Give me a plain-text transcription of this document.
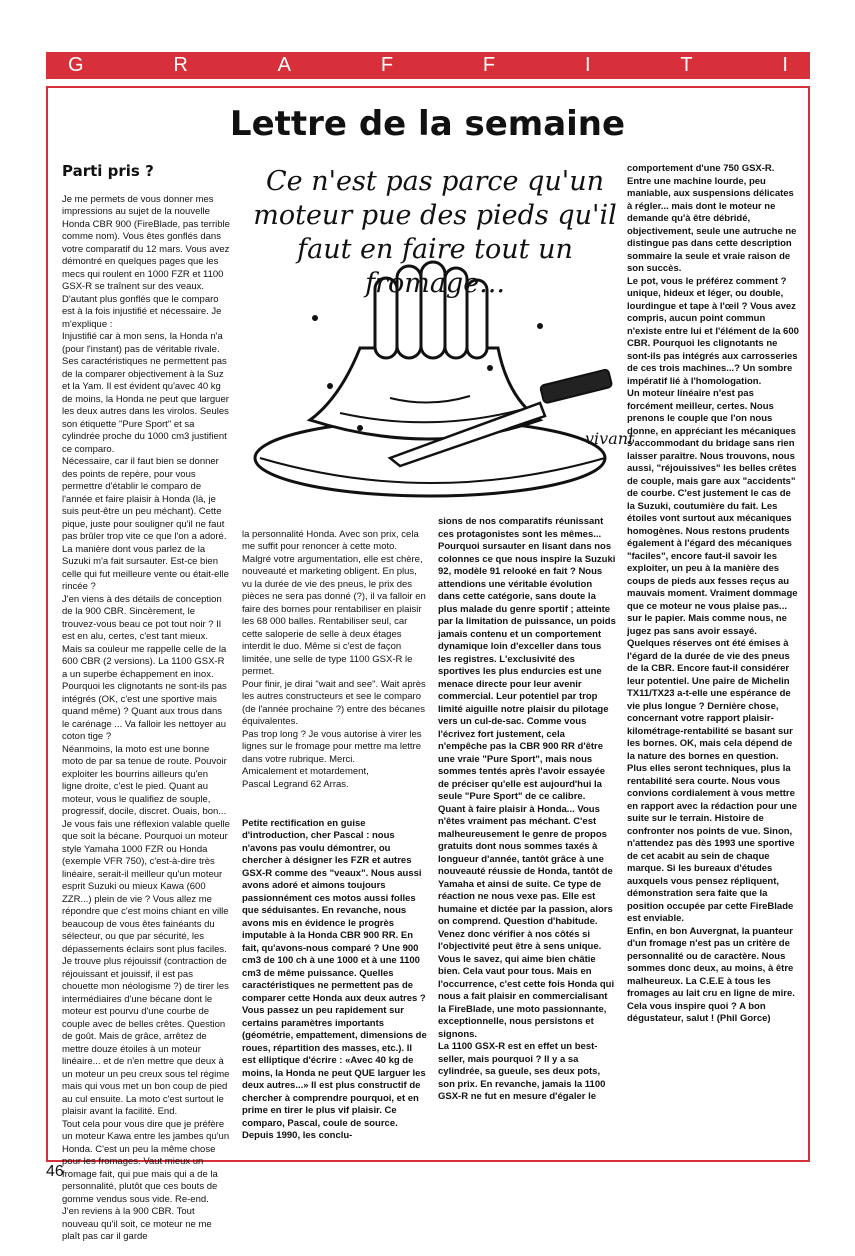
G	R	A	F	F	I	T	I
Lettre de la semaine

Parti pris ?

Je me permets de vous donner mes impressions au sujet de la nouvelle Honda CBR 900 (FireBlade, pas terrible comme nom). Vous êtes gonflés dans votre comparatif du 12 mars. Vous avez démontré en quelques pages que les mecs qui roulent en 1000 FZR et 1100 GSX-R se traînent sur des veaux. D'autant plus gonflés que le comparo est à la fois injustifié et nécessaire. Je m'explique :
Injustifié car à mon sens, la Honda n'a (pour l'instant) pas de véritable rivale. Ses caractéristiques ne permettent pas de la comparer objectivement à la Suz et la Yam. Il est évident qu'avec 40 kg de moins, la Honda ne peut que larguer les deux autres dans les virolos. Seules son étiquette "Pure Sport" et sa cylindrée proche du 1000 cm3 justifient ce comparo.
Nécessaire, car il faut bien se donner des points de repère, pour vous permettre d'établir le comparo de l'année et faire plaisir à Honda (là, je suis peut-être un peu méchant). Cette pique, juste pour souligner qu'il ne faut pas brûler trop vite ce que l'on a adoré. La manière dont vous parlez de la Suzuki m'a fait sursauter. Est-ce bien celle qui fut meilleure vente ou était-elle rincée ?
J'en viens à des détails de conception de la 900 CBR. Sincèrement, le trouvez-vous beau ce pot tout noir ? Il est en alu, certes, c'est tant mieux. Mais sa couleur me rappelle celle de la 600 CBR (2 versions). La 1100 GSX-R a un superbe échappement en inox. Pourquoi les clignotants ne sont-ils pas intégrés (OK, c'est une sportive mais quand même) ? Quant aux trous dans le carénage ... Va falloir les nettoyer au coton tige ?
Néanmoins, la moto est une bonne moto de par sa tenue de route. Pouvoir exploiter les bourrins ailleurs qu'en ligne droite, c'est le pied. Quant au moteur, vous le qualifiez de souple, progressif, docile, discret. Ouais, bon... Je vous fais une réflexion valable quelle que soit la bécane. Pourquoi un moteur style Yamaha 1000 FZR ou Honda (exemple VFR 750), c'est-à-dire très linéaire, serait-il meilleur qu'un moteur esprit Suzuki ou mieux Kawa (600 ZZR...) plein de vie ? Vous allez me répondre que c'est moins chiant en ville beaucoup de vous êtes fainéants du sélecteur, ou que par sécurité, les dépassements éclairs sont plus faciles. Je trouve plus réjouissif (contraction de réjouissant et jouissif, il est pas chouette mon néologisme ?) de tirer les intermédiaires d'une bécane dont le moteur est pourvu d'une courbe de couple avec de belles crêtes. Question de goût. Mais de grâce, arrêtez de mettre douze étoiles à un moteur linéaire... et de n'en mettre que deux à un moteur un peu creux sous tel régime mais qui vous met un bon coup de pied au cul ensuite. La moto c'est surtout le plaisir avant la facilité. End.
Tout cela pour vous dire que je préfère un moteur Kawa entre les jambes qu'un Honda. C'est un peu la même chose pour les fromages. Vaut mieux un fromage fait, qui pue mais qui a de la personnalité, plutôt que ces bouts de gomme vendus sous vide. Re-end.
J'en reviens à la 900 CBR. Tout nouveau qu'il soit, ce moteur ne me plaît pas car il garde

vivant
Ce n'est pas parce qu'un moteur pue des pieds qu'il faut en faire tout un fromage...

la personnalité Honda. Avec son prix, cela me suffit pour renoncer à cette moto. Malgré votre argumentation, elle est chère, nouveauté et marketing obligent. En plus, vu la durée de vie des pneus, le prix des pièces ne sera pas donné (?), il va falloir en faire des bornes pour rentabiliser en plaisir les 68 000 balles. Rentabiliser seul, car cette saloperie de selle à deux étages interdit le duo. Même si c'est de façon limitée, une selle de type 1100 GSX-R le permet.
Pour finir, je dirai "wait and see". Wait après les autres constructeurs et see le comparo (de l'année prochaine ?) entre des bécanes équivalentes.
Pas trop long ? Je vous autorise à virer les lignes sur le fromage pour mettre ma lettre dans votre rubrique. Merci.
Amicalement et motardement,
Pascal Legrand 62 Arras.

Petite rectification en guise d'introduction, cher Pascal : nous n'avons pas voulu démontrer, ou chercher à désigner les FZR et autres GSX-R comme des "veaux". Nous aussi avons adoré et aimons toujours passionnément ces motos aussi folles que séduisantes. En revanche, nous avons mis en évidence le progrès imputable à la Honda CBR 900 RR. En fait, qu'avons-nous comparé ? Une 900 cm3 de 100 ch à une 1000 et à une 1100 cm3 de même puissance. Quelles caractéristiques ne permettent pas de comparer cette Honda aux deux autres ? Vous passez un peu rapidement sur certains paramètres importants (géométrie, empattement, dimensions de roues, répartition des masses, etc.). Il est elliptique d'écrire : «Avec 40 kg de moins, la Honda ne peut QUE larguer les deux autres...» Il est plus constructif de chercher à comprendre pourquoi, et en prime en tirer le plus vif plaisir. Ce comparo, Pascal, coule de source. Depuis 1990, les conclu-

sions de nos comparatifs réunissant ces protagonistes sont les mêmes... Pourquoi sursauter en lisant dans nos colonnes ce que nous inspire la Suzuki 92, modèle 91 relooké en fait ? Nous attendions une véritable évolution dans cette catégorie, sans doute la plus malade du genre sportif ; atteinte par la limitation de puissance, un poids jamais contenu et un comportement dynamique loin d'exceller dans tous les registres. L'exclusivité des sportives les plus endurcies est une menace directe pour leur avenir commercial. Leur potentiel par trop limité aiguille notre plaisir du pilotage vers un cul-de-sac. Comme vous l'écrivez fort justement, cela n'empêche pas la CBR 900 RR d'être une vraie "Pure Sport", mais nous sommes tentés après l'avoir essayée de préciser qu'elle est aujourd'hui la seule "Pure Sport" de ce calibre.
Quant à faire plaisir à Honda... Vous n'êtes vraiment pas méchant. C'est malheureusement le genre de propos gratuits dont nous sommes taxés à longueur d'année, tantôt grâce à une nouveauté réussie de Honda, tantôt de Yamaha et ainsi de suite. Ce type de réaction ne nous vexe pas. Elle est humaine et dictée par la passion, alors on comprend. Question d'habitude. Venez donc vérifier à nos côtés si l'objectivité peut être à sens unique. Vous le savez, qui aime bien châtie bien. Cela vaut pour tous. Mais en l'occurrence, c'est cette fois Honda qui nous a fait plaisir en commercialisant la FireBlade, une moto passionnante, exceptionnelle, nous persistons et signons.
La 1100 GSX-R est en effet un best-seller, mais pourquoi ? Il y a sa cylindrée, sa gueule, ses deux pots, son prix. En revanche, jamais la 1100 GSX-R ne fut en mesure d'égaler le
comportement d'une 750 GSX-R. Entre une machine lourde, peu maniable, aux suspensions délicates à régler... mais dont le moteur ne demande qu'à être débridé, objectivement, seule une autruche ne distingue pas dans cette description sommaire la seule et vraie raison de son succès.
Le pot, vous le préférez comment ? unique, hideux et léger, ou double, lourdingue et tape à l'œil ? Vous avez compris, aucun point commun n'existe entre lui et l'élément de la 600 CBR. Pourquoi les clignotants ne sont-ils pas intégrés aux carrosseries de ces trois machines...? Un sombre impératif lié à l'homologation.
Un moteur linéaire n'est pas forcément meilleur, certes. Nous prenons le couple que l'on nous donne, en appréciant les mécaniques s'accommodant du bridage sans rien laisser paraître. Nous trouvons, nous aussi, "réjouissives" les belles crêtes de couple, mais gare aux "accidents" de courbe. C'est justement le cas de la Suzuki, coutumière du fait. Les étoiles vont surtout aux mécaniques homogènes. Nous restons prudents également à l'égard des mécaniques "faciles", encore faut-il savoir les exploiter, un peu à la manière des coups de pieds aux fesses reçus au mauvais moment. Vraiment dommage que ce moteur ne vous plaise pas... sur le papier. Mais comme nous, ne jugez pas sans avoir essayé.
Quelques réserves ont été émises à l'égard de la durée de vie des pneus de la CBR. Encore faut-il considérer leur potentiel. Une paire de Michelin TX11/TX23 a-t-elle une espérance de vie plus longue ? Dernière chose, concernant votre rapport plaisir-kilométrage-rentabilité se basant sur les bornes. OK, mais cela dépend de la nature des bornes en question. Plus elles seront techniques, plus la rentabilité sera courte. Nous vous convions cordialement à vous mettre en rapport avec la rédaction pour une suite sur le terrain. Histoire de confronter nos points de vue. Sinon, n'attendez pas dès 1993 une sportive de cet acabit au sein de chaque marque. Si les bureaux d'études auxquels vous pensez répliquent, démonstration sera faite que la position occupée par cette FireBlade est enviable.
Enfin, en bon Auvergnat, la puanteur d'un fromage n'est pas un critère de personnalité ou de caractère. Nous sommes donc deux, au moins, à être malheureux. La C.E.E à tous les fromages au lait cru en ligne de mire. Cela vous inspire quoi ? A bon dégustateur, salut ! (Phil Gorce)
46
